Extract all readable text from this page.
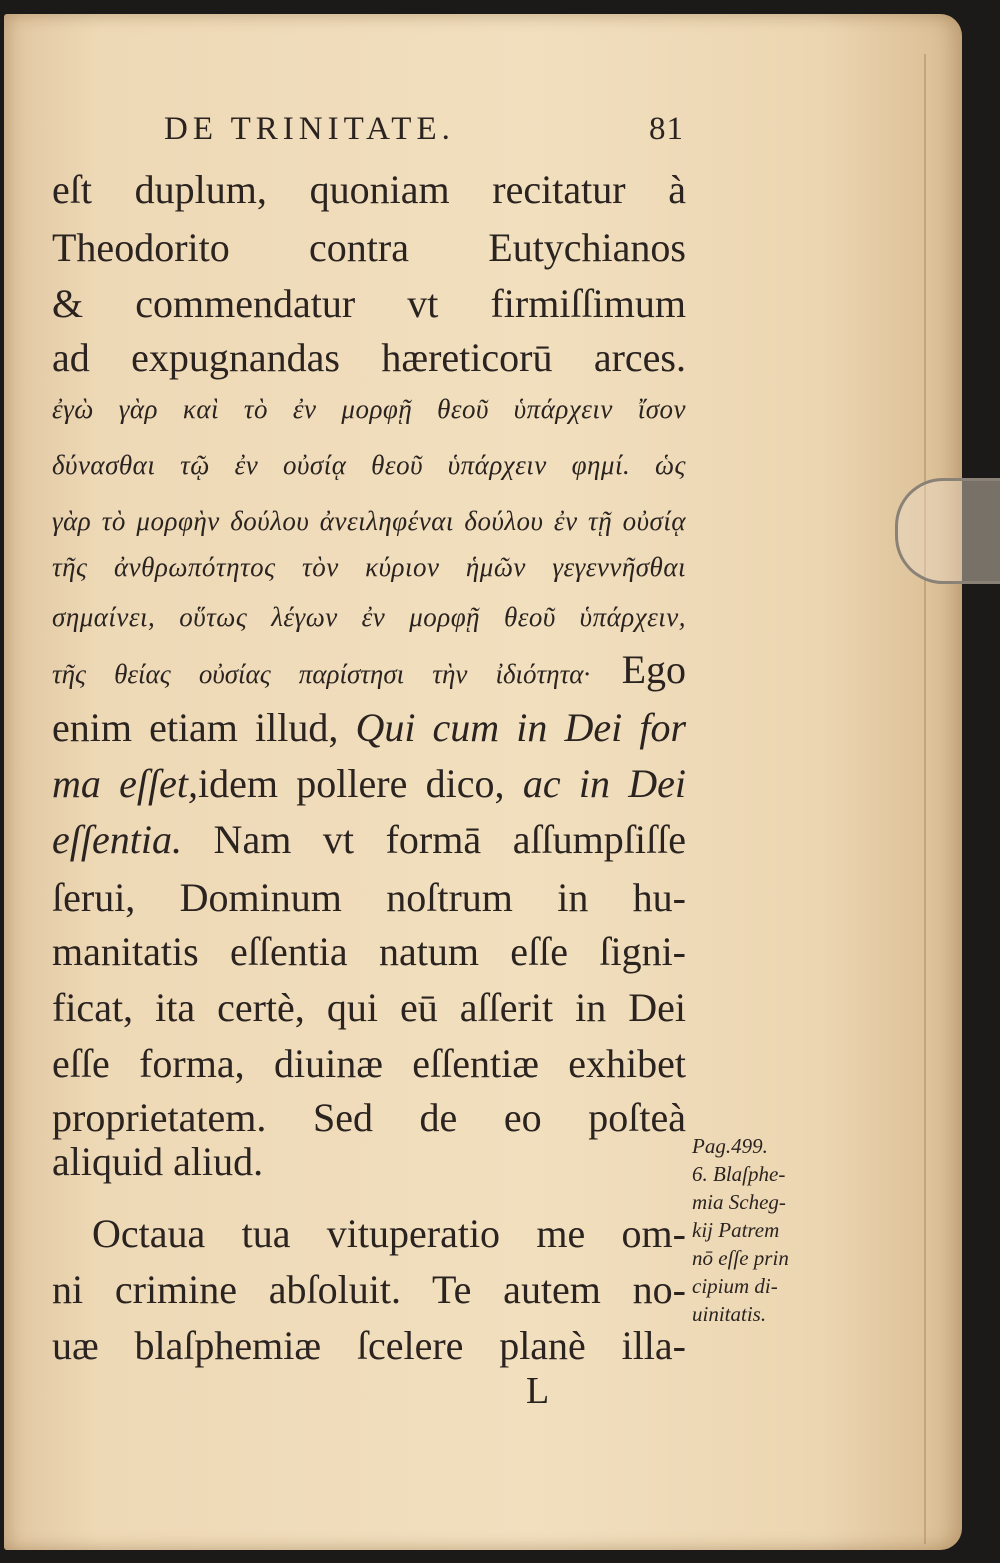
DE TRINITATE.	81
eſt duplum, quoniam recitatur à
Theodorito contra Eutychianos
& commendatur vt firmiſſimum
ad expugnandas hæreticorū arces.
ἐγὼ γὰρ καὶ τὸ ἐν μορφῇ θεοῦ ὑπάρχειν ἴσον
δύνασθαι τῷ ἐν οὐσίᾳ θεοῦ ὑπάρχειν φημί. ὡς
γὰρ τὸ μορφὴν δούλου ἀνειληφέναι δούλου ἐν τῇ οὐσίᾳ
τῆς ἀνθρωπότητος τὸν κύριον ἡμῶν γεγεννῆσθαι
σημαίνει, οὕτως λέγων ἐν μορφῇ θεοῦ ὑπάρχειν,
τῆς θείας οὐσίας παρίστησι τὴν ἰδιότητα· Ego
enim etiam illud, Qui cum in Dei for
ma eſſet,idem pollere dico, ac in Dei
eſſentia. Nam vt formā aſſumpſiſſe
ſerui, Dominum noſtrum in hu-
manitatis eſſentia natum eſſe ſigni-
ficat, ita certè, qui eū aſſerit in Dei
eſſe forma, diuinæ eſſentiæ exhibet
proprietatem. Sed de eo poſteà
aliquid aliud.
Octaua tua vituperatio me om-
ni crimine abſoluit. Te autem no-
uæ blaſphemiæ ſcelere planè illa-
Pag.499.
6. Blaſphe-
mia Scheg-
kij Patrem
nō eſſe prin
cipium di-
uinitatis.
L
